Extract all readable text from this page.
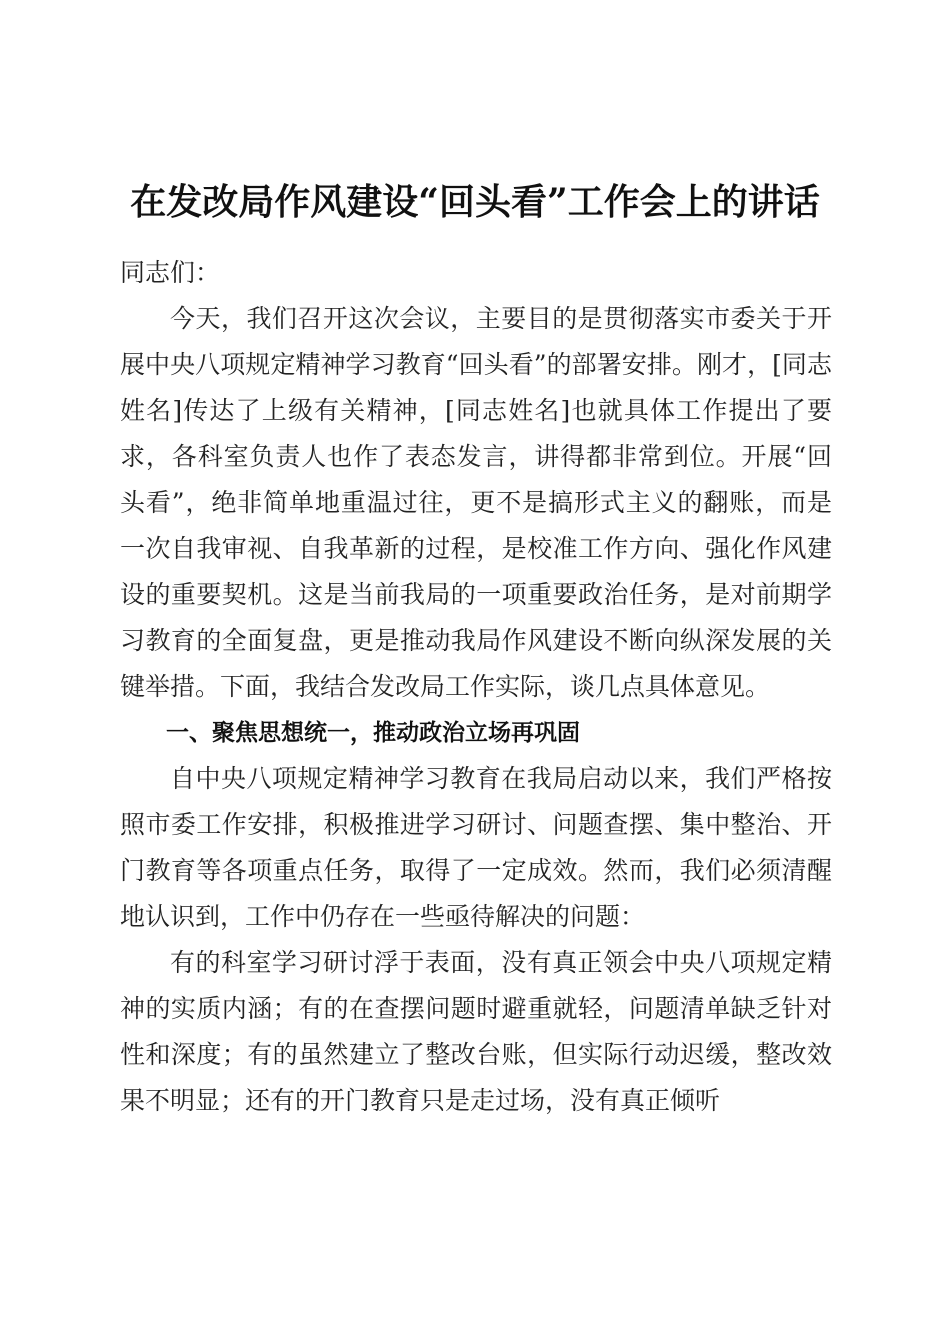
在发改局作风建设“回头看”工作会上的讲话

同志们：

今天，我们召开这次会议，主要目的是贯彻落实市委关于开展中央八项规定精神学习教育“回头看”的部署安排。刚才，[同志姓名]传达了上级有关精神，[同志姓名]也就具体工作提出了要求，各科室负责人也作了表态发言，讲得都非常到位。开展“回头看”，绝非简单地重温过往，更不是搞形式主义的翻账，而是一次自我审视、自我革新的过程，是校准工作方向、强化作风建设的重要契机。这是当前我局的一项重要政治任务，是对前期学习教育的全面复盘，更是推动我局作风建设不断向纵深发展的关键举措。下面，我结合发改局工作实际，谈几点具体意见。

一、聚焦思想统一，推动政治立场再巩固

自中央八项规定精神学习教育在我局启动以来，我们严格按照市委工作安排，积极推进学习研讨、问题查摆、集中整治、开门教育等各项重点任务，取得了一定成效。然而，我们必须清醒地认识到，工作中仍存在一些亟待解决的问题：

有的科室学习研讨浮于表面，没有真正领会中央八项规定精神的实质内涵；有的在查摆问题时避重就轻，问题清单缺乏针对性和深度；有的虽然建立了整改台账，但实际行动迟缓，整改效果不明显；还有的开门教育只是走过场，没有真正倾听
